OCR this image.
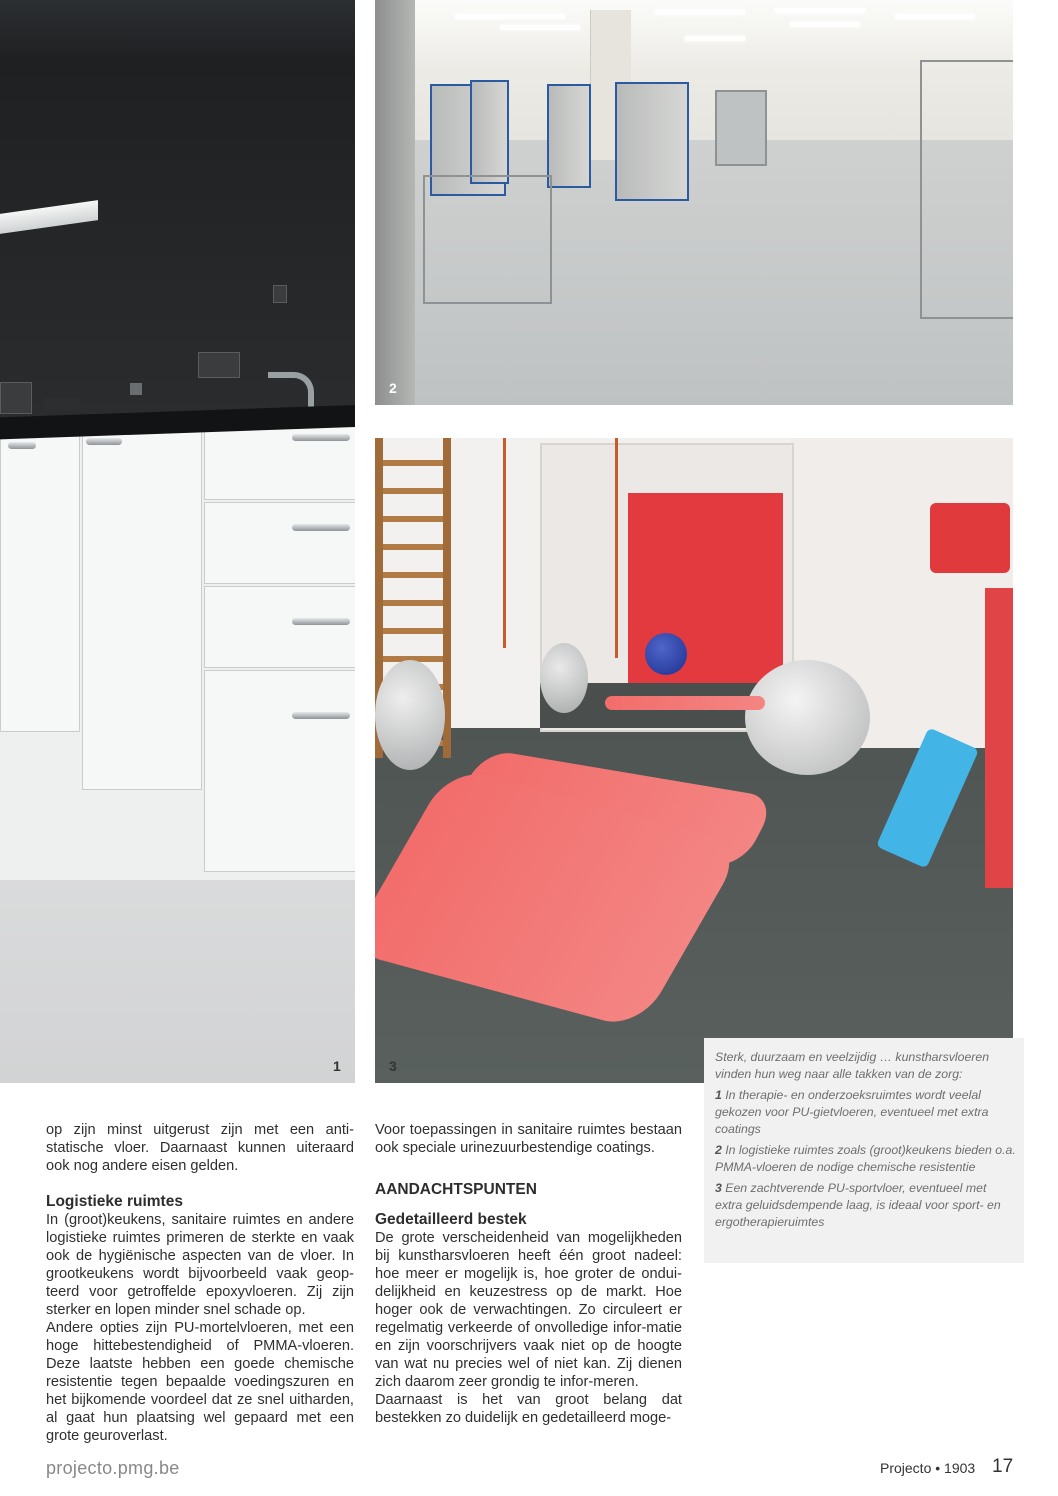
1
2
3

op zijn minst uitgerust zijn met een anti-statische vloer. Daarnaast kunnen uiteraard ook nog andere eisen gelden.

Logistieke ruimtes

In (groot)keukens, sanitaire ruimtes en andere logistieke ruimtes primeren de sterkte en vaak ook de hygiënische aspecten van de vloer. In grootkeukens wordt bijvoorbeeld vaak geop-teerd voor getroffelde epoxyvloeren. Zij zijn sterker en lopen minder snel schade op.

Andere opties zijn PU-mortelvloeren, met een hoge hittebestendigheid of PMMA-vloeren. Deze laatste hebben een goede chemische resistentie tegen bepaalde voedingszuren en het bijkomende voordeel dat ze snel uitharden, al gaat hun plaatsing wel gepaard met een grote geuroverlast.

Voor toepassingen in sanitaire ruimtes bestaan ook speciale urinezuurbestendige coatings.

AANDACHTSPUNTEN
Gedetailleerd bestek

De grote verscheidenheid van mogelijkheden bij kunstharsvloeren heeft één groot nadeel: hoe meer er mogelijk is, hoe groter de ondui-delijkheid en keuzestress op de markt. Hoe hoger ook de verwachtingen. Zo circuleert er regelmatig verkeerde of onvolledige infor-matie en zijn voorschrijvers vaak niet op de hoogte van wat nu precies wel of niet kan. Zij dienen zich daarom zeer grondig te infor-meren.

Daarnaast is het van groot belang dat bestekken zo duidelijk en gedetailleerd moge-

Sterk, duurzaam en veelzijdig … kunstharsvloeren vinden hun weg naar alle takken van de zorg:

1 In therapie- en onderzoeksruimtes wordt veelal gekozen voor PU-gietvloeren, eventueel met extra coatings

2 In logistieke ruimtes zoals (groot)keukens bieden o.a. PMMA-vloeren de nodige chemische resistentie

3 Een zachtverende PU-sportvloer, eventueel met extra geluidsdempende laag, is ideaal voor sport- en ergotherapieruimtes

projecto.pmg.be	Projecto • 1903 17
